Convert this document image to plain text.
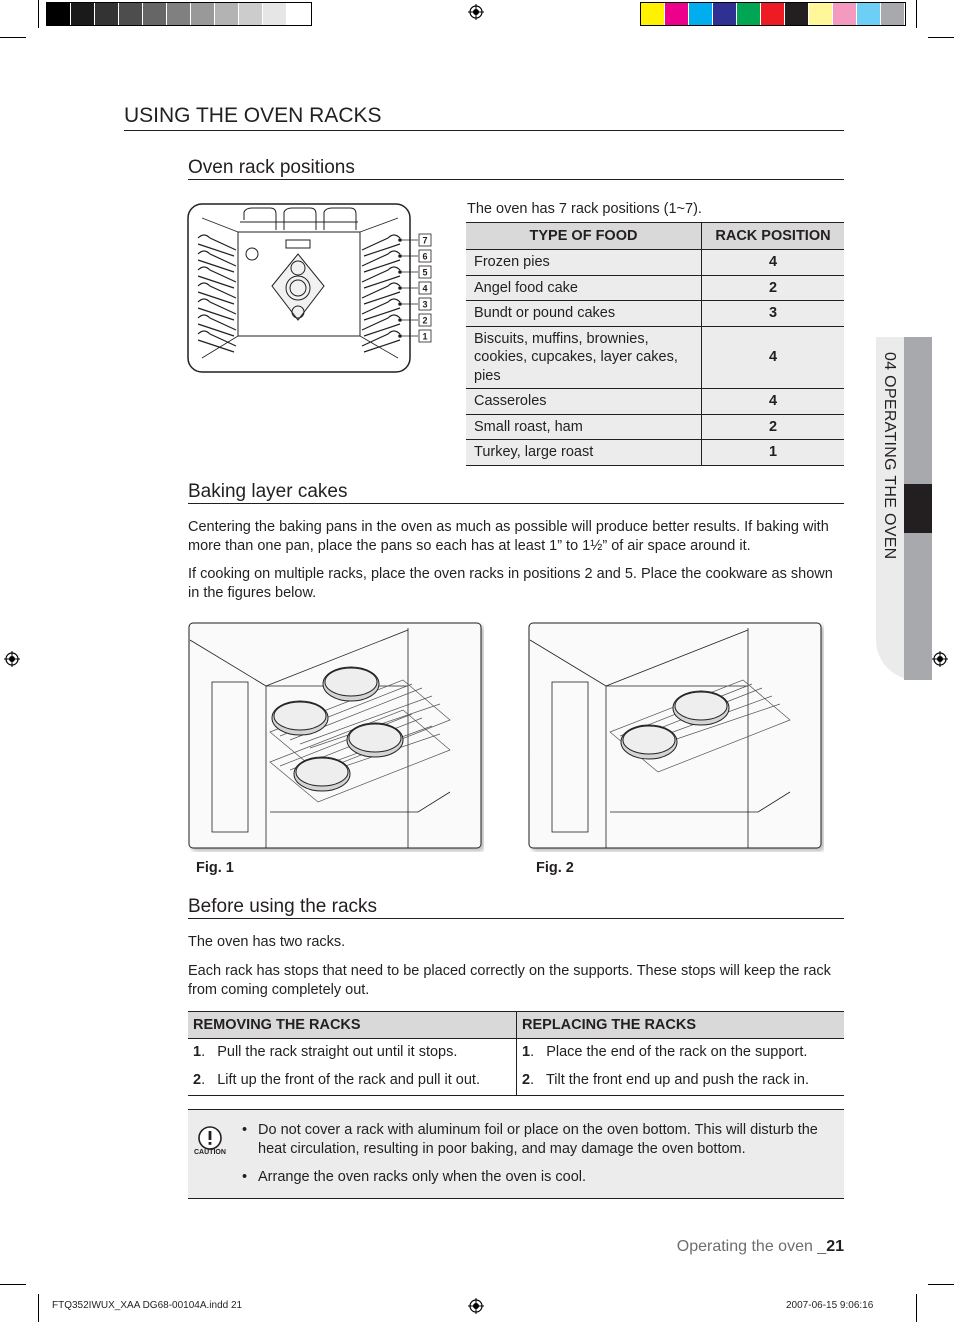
USING THE OVEN RACKS
04 OPERATING THE OVEN
Oven rack positions
7
6
5
4
3
2
1
The oven has 7 rack positions (1~7).
TYPE OF FOOD	RACK POSITION
Frozen pies	4
Angel food cake	2
Bundt or pound cakes	3
Biscuits, muffins, brownies, cookies, cupcakes, layer cakes, pies	4
Casseroles	4
Small roast, ham	2
Turkey, large roast	1
Baking layer cakes

Centering the baking pans in the oven as much as possible will produce better results. If baking with more than one pan, place the pans so each has at least 1” to 1½” of air space around it.

If cooking on multiple racks, place the oven racks in positions 2 and 5. Place the cookware as shown in the figures below.

Fig. 1	Fig. 2
Before using the racks

The oven has two racks.

Each rack has stops that need to be placed correctly on the supports. These stops will keep the rack from coming completely out.

REMOVING THE RACKS	REPLACING THE RACKS
1.   Pull the rack straight out until it stops.	1.   Place the end of the rack on the support.
2.   Lift up the front of the rack and pull it out.	2.   Tilt the front end up and push the rack in.
CAUTION
• Do not cover a rack with aluminum foil or place on the oven bottom. This will disturb the heat circulation, resulting in poor baking, and may damage the oven bottom.
• Arrange the oven racks only when the oven is cool.
Operating the oven _21
FTQ352IWUX_XAA DG68-00104A.indd 21	2007-06-15 9:06:16
